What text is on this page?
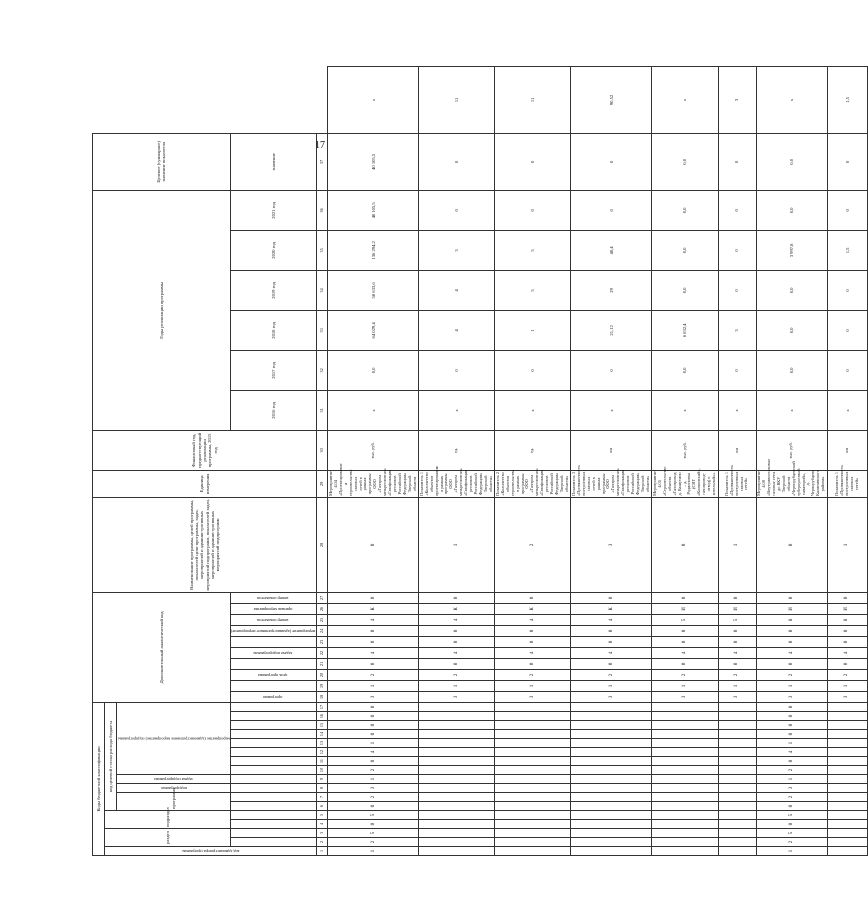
17
Коды бюджетной классификации																	Дополнительный аналитический код										Наименование программы, целей программы, показателей цели программы, задач, мероприятий и административных мероприятий подпрограмм, показателей задач, мероприятий и административных мероприятий подпрограмм	Единица измерения	Финансовый год, предшествующий реализации программы, 2015 год	Годы реализации программы						Целевое (суммарное) значение показателя	
код администратора программы	раздел		подраздел		код целевой статьи расхода бюджета																																
					программа		подпрограмма	задача подпрограммы	мероприятие (административное мероприятие) подпрограммы																												
																	программа		цель программы		задача подпрограммы		мероприятие (административное мероприятие)	номер показателя	признак мероприятия	номер показателя				2016 год	2017 год	2018 год	2019 год	2020 год	2021 год	значение	
1	2	3	4	5	6	7	8	9	10	11	12	13	14	15	16	17	18	19	20	21	22	23	24	25	26	27	28	29	30	31	32	33	34	35	36	37	
1	2	5	0	5	0	2	3	1	2	0	4	1	0	0	0	0	3	1	2	0	4	0	0	4	К	0	0	Мероприятие 4.04 «Проектирование и строительство газовых сетей в рамках программы ООО «Газпром межрегионгаз» «Газификация регионов Российской Федерации» Тверской области	тыс. руб.	х	0,0	64 029,4	58 633,6	136 294,2	40 105,5	40 105,5	х
																	3	1	2	0	4	0	0	4	К	0	1	Показатель 1 «Количество объектов проектирования в рамках программы ООО «Газпром межрегионгаз» «Газификация регионов Российской Федерации» Тверской области»	ед.	х	0	4	4	3	0	0	11
																	3	1	2	0	4	0	0	4	К	0	2	Показатель 2 «Количество объектов строительства в рамках программы ООО «Газпром межрегионгаз» «Газификация регионов Российской Федерации» Тверской области»	ед.	х	0	1	5	5	0	0	11
																	3	1	2	0	4	0	0	4	К	0	3	Показатель 3 «Протяженность построенных газовых сетей в рамках программы ООО «Газпром межрегионгаз» «Газификация регионов Российской Федерации» Тверской области»	км	х	0	21,12	29	40,4	0	0	90,52
																	3	1	2	0	4	0	0	5	И	0	0	Мероприятие 4.05 «Строительство объекта «Газопровод д. Вашутино – д. Родионовка (СНТ «Колвинский», газопровод-отвод) к котельной»»	тыс. руб.	х	0,0	6 632,4	0,0	0,0	0,0	0,0	х
																	3	1	2	0	4	0	0	5	И	0	1	Показатель 1 «Протяженность построенных газовых сетей»	км	х	0	3	0	0	0	0	3
1	2	5	0	5	0	2	3	1	2	0	4	1	0	0	0	0	3	1	2	0	4	0	0	8	И	0	0	Мероприятие 4.08 «Внутрипоселковые газовые сети до ВКУ Тверской области «Чернорубцевский туберкулезный санаторий», д. Чернорубцево Калининского района»	тыс. руб.	х	0,0	0,0	0,0	3 997,8	0,0	0,0	х
																	3	1	2	0	4	0	0	8	И	0	1	Показатель 1 «Протяженность построенных газовых сетей»	км	х	0	0	0	1,5	0	0	1,5
